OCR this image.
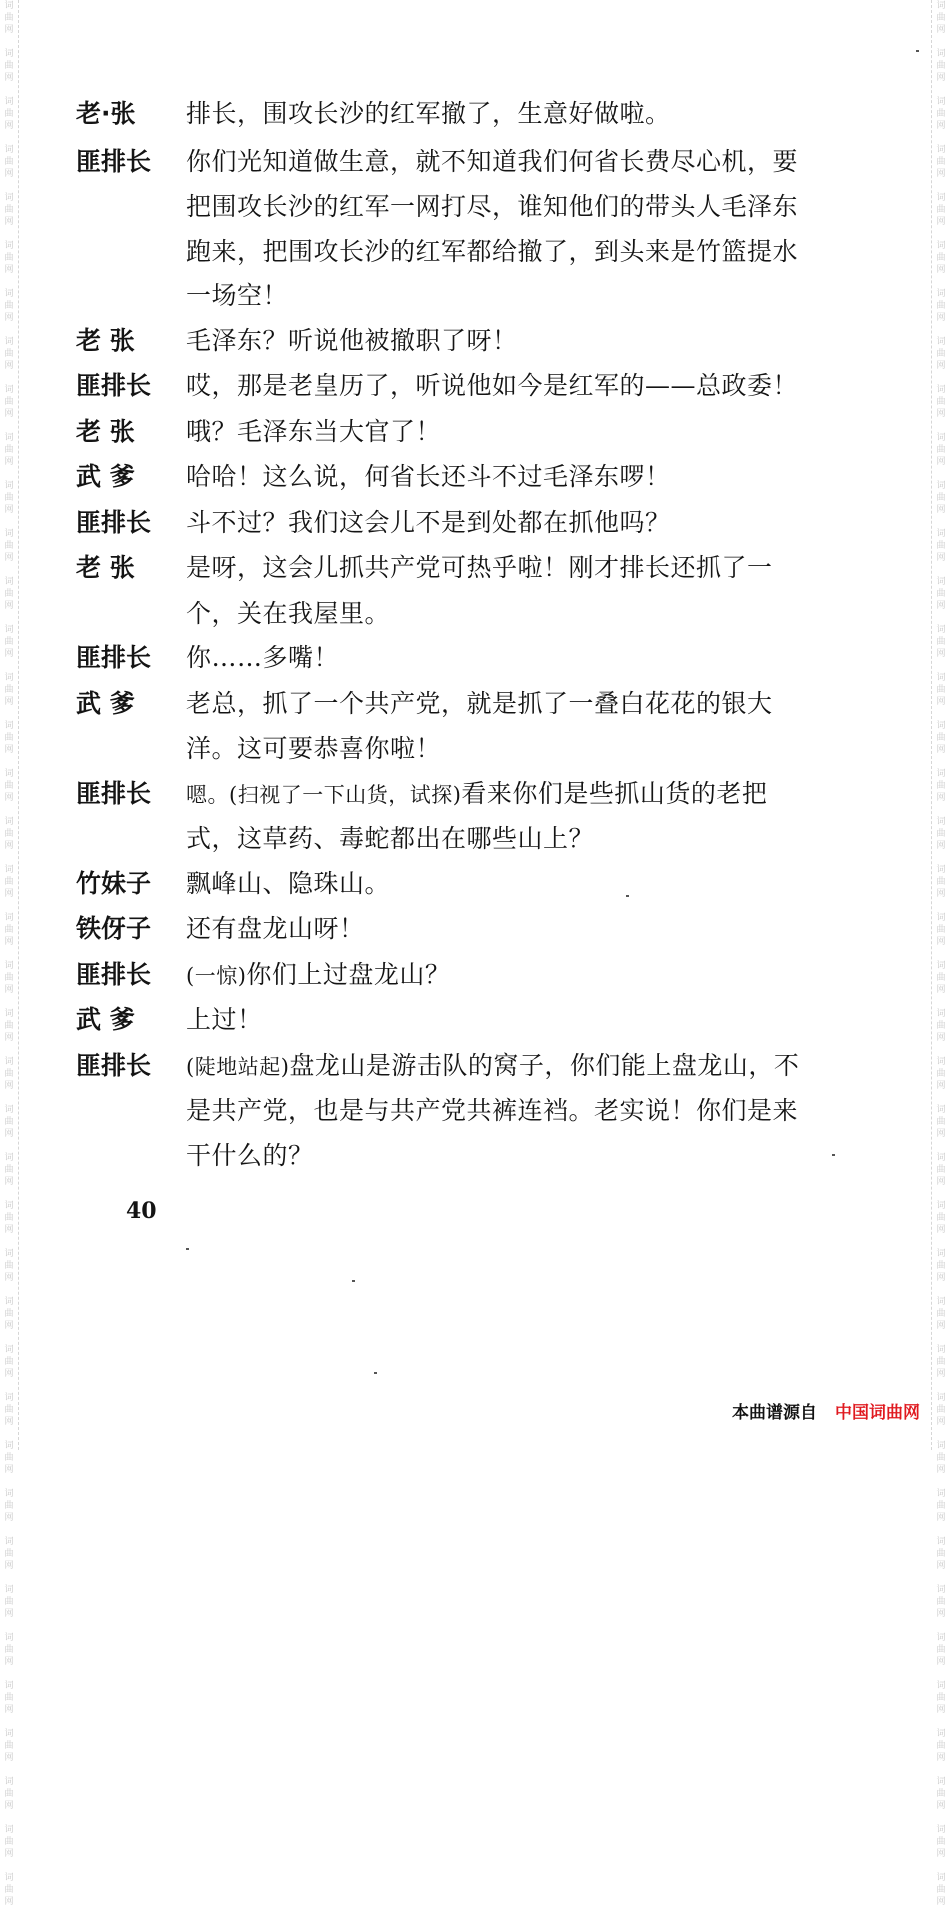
词
曲
网

词
曲
网

词
曲
网

词
曲
网

词
曲
网

词
曲
网

词
曲
网

词
曲
网

词
曲
网

词
曲
网

词
曲
网

词
曲
网

词
曲
网

词
曲
网

词
曲
网

词
曲
网

词
曲
网

词
曲
网

词
曲
网

词
曲
网

词
曲
网

词
曲
网

词
曲
网

词
曲
网

词
曲
网

词
曲
网

词
曲
网

词
曲
网

词
曲
网

词
曲
网

词
曲
网

词
曲
网

词
曲
网

词
曲
网

词
曲
网

词
曲
网

词
曲
网

词
曲
网

词
曲
网

词
曲
网

词
曲
网

词
曲
网

词
曲
网

词
曲
网

词
曲
网

词
曲
网

词
曲
网

词
曲
网

词
曲
网

词
曲
网

词
曲
网

词
曲
网

词
曲
网

词
曲
网

词
曲
网

词
曲
网

词
曲
网

词
曲
网

词
曲
网

词
曲
网

词
曲
网

词
曲
网

词
曲
网

词
曲
网

词
曲
网

词
曲
网

词
曲
网

词
曲
网

词
曲
网

词
曲
网

词
曲
网

词
曲
网

词
曲
网

词
曲
网

词
曲
网

词
曲
网

词
曲
网

词
曲
网

词
曲
网

词
曲
网

老·张	排长，围攻长沙的红军撤了，生意好做啦。
匪排长	你们光知道做生意，就不知道我们何省长费尽心机，要把围攻长沙的红军一网打尽，谁知他们的带头人毛泽东跑来，把围攻长沙的红军都给撤了，到头来是竹篮提水一场空！
老 张	毛泽东？听说他被撤职了呀！
匪排长	哎，那是老皇历了，听说他如今是红军的——总政委！
老 张	哦？毛泽东当大官了！
武 爹	哈哈！这么说，何省长还斗不过毛泽东啰！
匪排长	斗不过？我们这会儿不是到处都在抓他吗？
老 张	是呀，这会儿抓共产党可热乎啦！刚才排长还抓了一个，关在我屋里。
匪排长	你……多嘴！
武 爹	老总，抓了一个共产党，就是抓了一叠白花花的银大洋。这可要恭喜你啦！
匪排长	嗯。(扫视了一下山货，试探)看来你们是些抓山货的老把式，这草药、毒蛇都出在哪些山上？
竹妹子	飘峰山、隐珠山。
铁伢子	还有盘龙山呀！
匪排长	(一惊)你们上过盘龙山？
武 爹	上过！
匪排长	(陡地站起)盘龙山是游击队的窝子，你们能上盘龙山，不是共产党，也是与共产党共裤连裆。老实说！你们是来干什么的？
40
本曲谱源自 中国词曲网
